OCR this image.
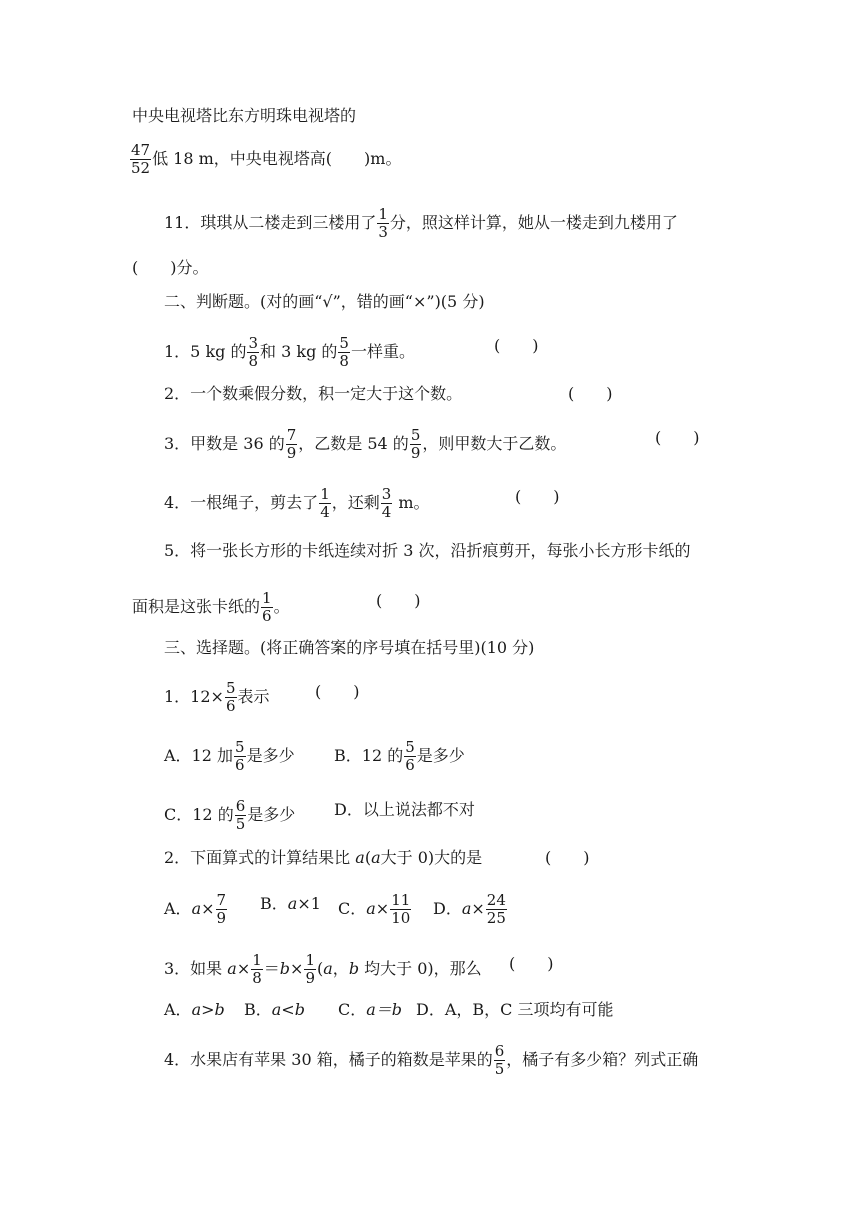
中央电视塔比东方明珠电视塔的
$\frac{47}{52}$ 低 18 m，中央电视塔高(　　)m。
11．琪琪从二楼走到三楼用了 $\frac{1}{3}$ 分，照这样计算，她从一楼走到九楼用了
(　　)分。
二、判断题。(对的画“√”，错的画“×”)(5 分)
1．5 kg 的 $\frac{3}{8}$ 和 3 kg 的 $\frac{5}{8}$ 一样重。	(　　)
2．一个数乘假分数，积一定大于这个数。	(　　)
3．甲数是 36 的 $\frac{7}{9}$ ，乙数是 54 的 $\frac{5}{9}$ ，则甲数大于乙数。	(　　)
4．一根绳子，剪去了 $\frac{1}{4}$ ，还剩 $\frac{3}{4}$ m。	(　　)
5．将一张长方形的卡纸连续对折 3 次，沿折痕剪开，每张小长方形卡纸的
面积是这张卡纸的 $\frac{1}{6}$ 。	(　　)
三、选择题。(将正确答案的序号填在括号里)(10 分)
1．$12\times \frac{5}{6}$ 表示	(　　)
A．12 加 $\frac{5}{6}$ 是多少 B．12 的 $\frac{5}{6}$ 是多少
C．12 的 $\frac{6}{5}$ 是多少 D．以上说法都不对
2．下面算式的计算结果比 a(a大于 0)大的是	(　　)
A．$a\times \frac{7}{9}$ B．a×1 C．$a\times \frac{11}{10}$ D．$a\times \frac{24}{25}$
3．如果 $a\times \frac{1}{8} =b\times \frac{1}{9} (a$，b 均大于 0)，那么 (　　)
A．a>b B．a<b C．a＝b D．A，B，C 三项均有可能
4．水果店有苹果 30 箱，橘子的箱数是苹果的 $\frac{6}{5}$ ，橘子有多少箱？列式正确
